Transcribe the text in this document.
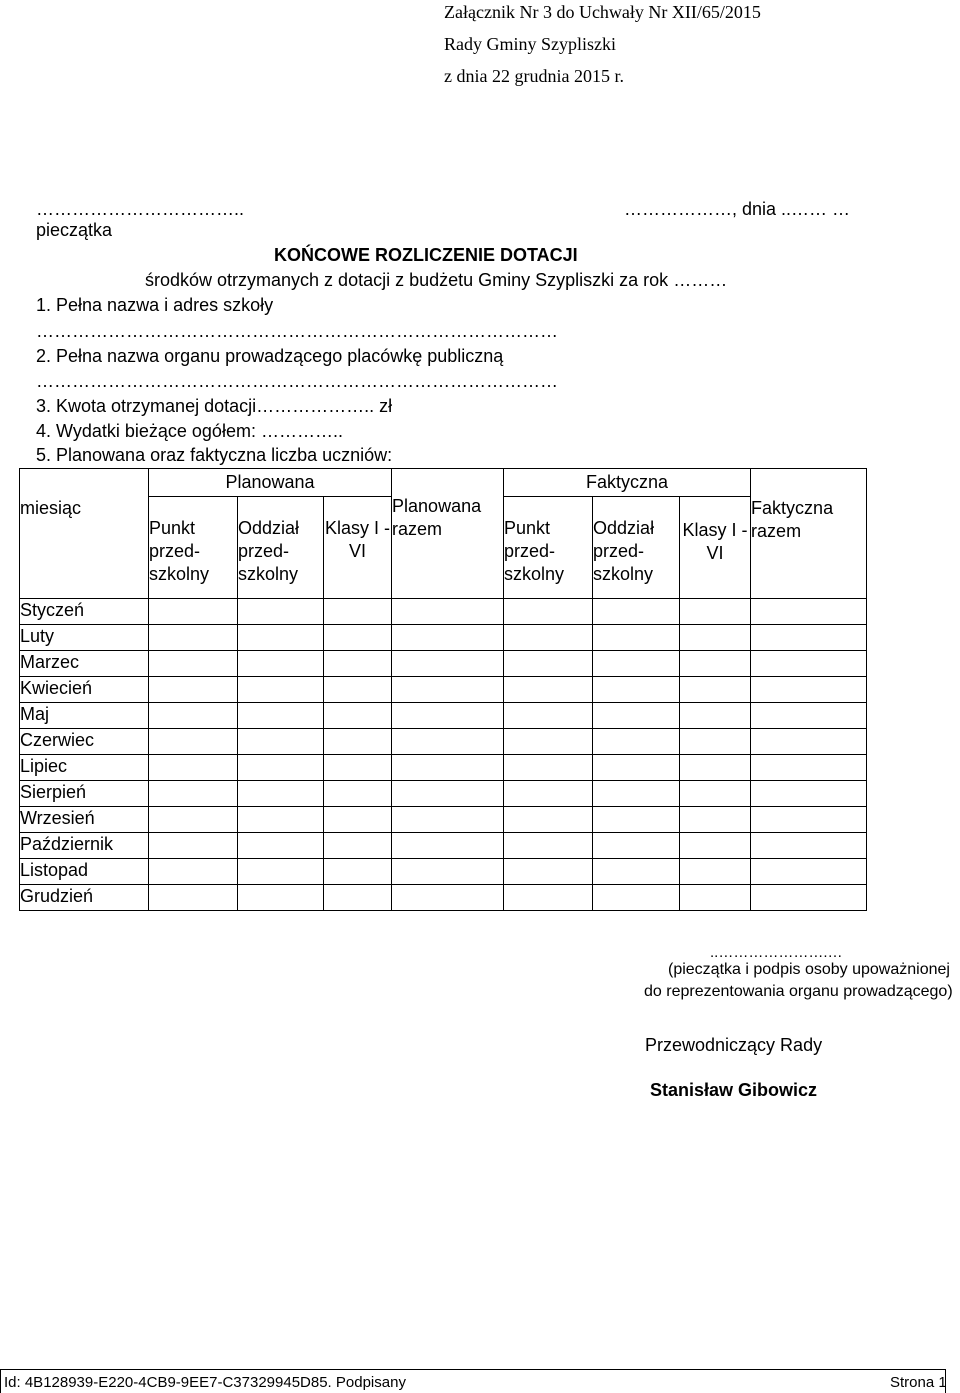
Załącznik Nr 3 do Uchwały Nr XII/65/2015
Rady Gminy Szypliszki
z dnia 22 grudnia 2015 r.
……………………………..	………………, dnia ..…… …
pieczątka
KOŃCOWE ROZLICZENIE DOTACJI
środków otrzymanych z dotacji z budżetu Gminy Szypliszki za rok ………
1. Pełna nazwa i adres szkoły
……………………………………………………………………………
2. Pełna nazwa organu prowadzącego placówkę publiczną
……………………………………………………………………………
3. Kwota otrzymanej dotacji……………….. zł
4. Wydatki bieżące ogółem: …………..
5. Planowana oraz faktyczna liczba uczniów:
miesiąc	Planowana			Planowana razem	Faktyczna			Faktyczna razem
	Punkt przed-szkolny	Oddział przed-szkolny	Klasy I - VI		Punkt przed-szkolny	Oddział przed-szkolny	Klasy I - VI	
Styczeń								
Luty								
Marzec								
Kwiecień								
Maj								
Czerwiec								
Lipiec								
Sierpień								
Wrzesień								
Październik								
Listopad								
Grudzień								
..………………….…
(pieczątka i podpis osoby upoważnionej
do reprezentowania organu prowadzącego)
Przewodniczący Rady
Stanisław Gibowicz
Id: 4B128939-E220-4CB9-9EE7-C37329945D85. Podpisany	Strona 1
